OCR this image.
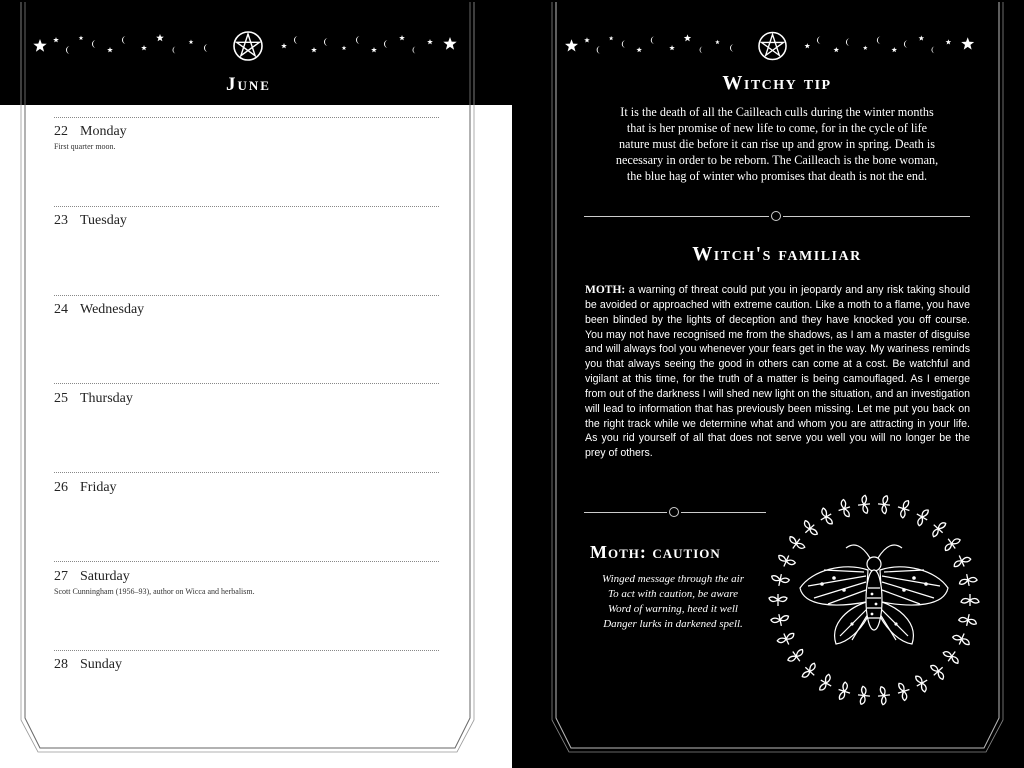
June
22 Monday
First quarter moon.
23 Tuesday
24 Wednesday
25 Thursday
26 Friday
27 Saturday
Scott Cunningham (1956–93), author on Wicca and herbalism.
28 Sunday
Witchy tip
It is the death of all the Cailleach culls during the winter months
that is her promise of new life to come, for in the cycle of life
nature must die before it can rise up and grow in spring. Death is
necessary in order to be reborn. The Cailleach is the bone woman,
the blue hag of winter who promises that death is not the end.
Witch's familiar
MOTH: a warning of threat could put you in jeopardy and any risk taking should be avoided or approached with extreme caution. Like a moth to a flame, you have been blinded by the lights of deception and they have knocked you off course. You may not have recognised me from the shadows, as I am a master of disguise and will always fool you whenever your fears get in the way. My wariness reminds you that always seeing the good in others can come at a cost. Be watchful and vigilant at this time, for the truth of a matter is being camouflaged. As I emerge from out of the darkness I will shed new light on the situation, and an investigation will lead to information that has previously been missing. Let me put you back on the right track while we determine what and whom you are attracting in your life. As you rid yourself of all that does not serve you well you will no longer be the prey of others.
Moth: caution
Winged message through the air
To act with caution, be aware
Word of warning, heed it well
Danger lurks in darkened spell.
